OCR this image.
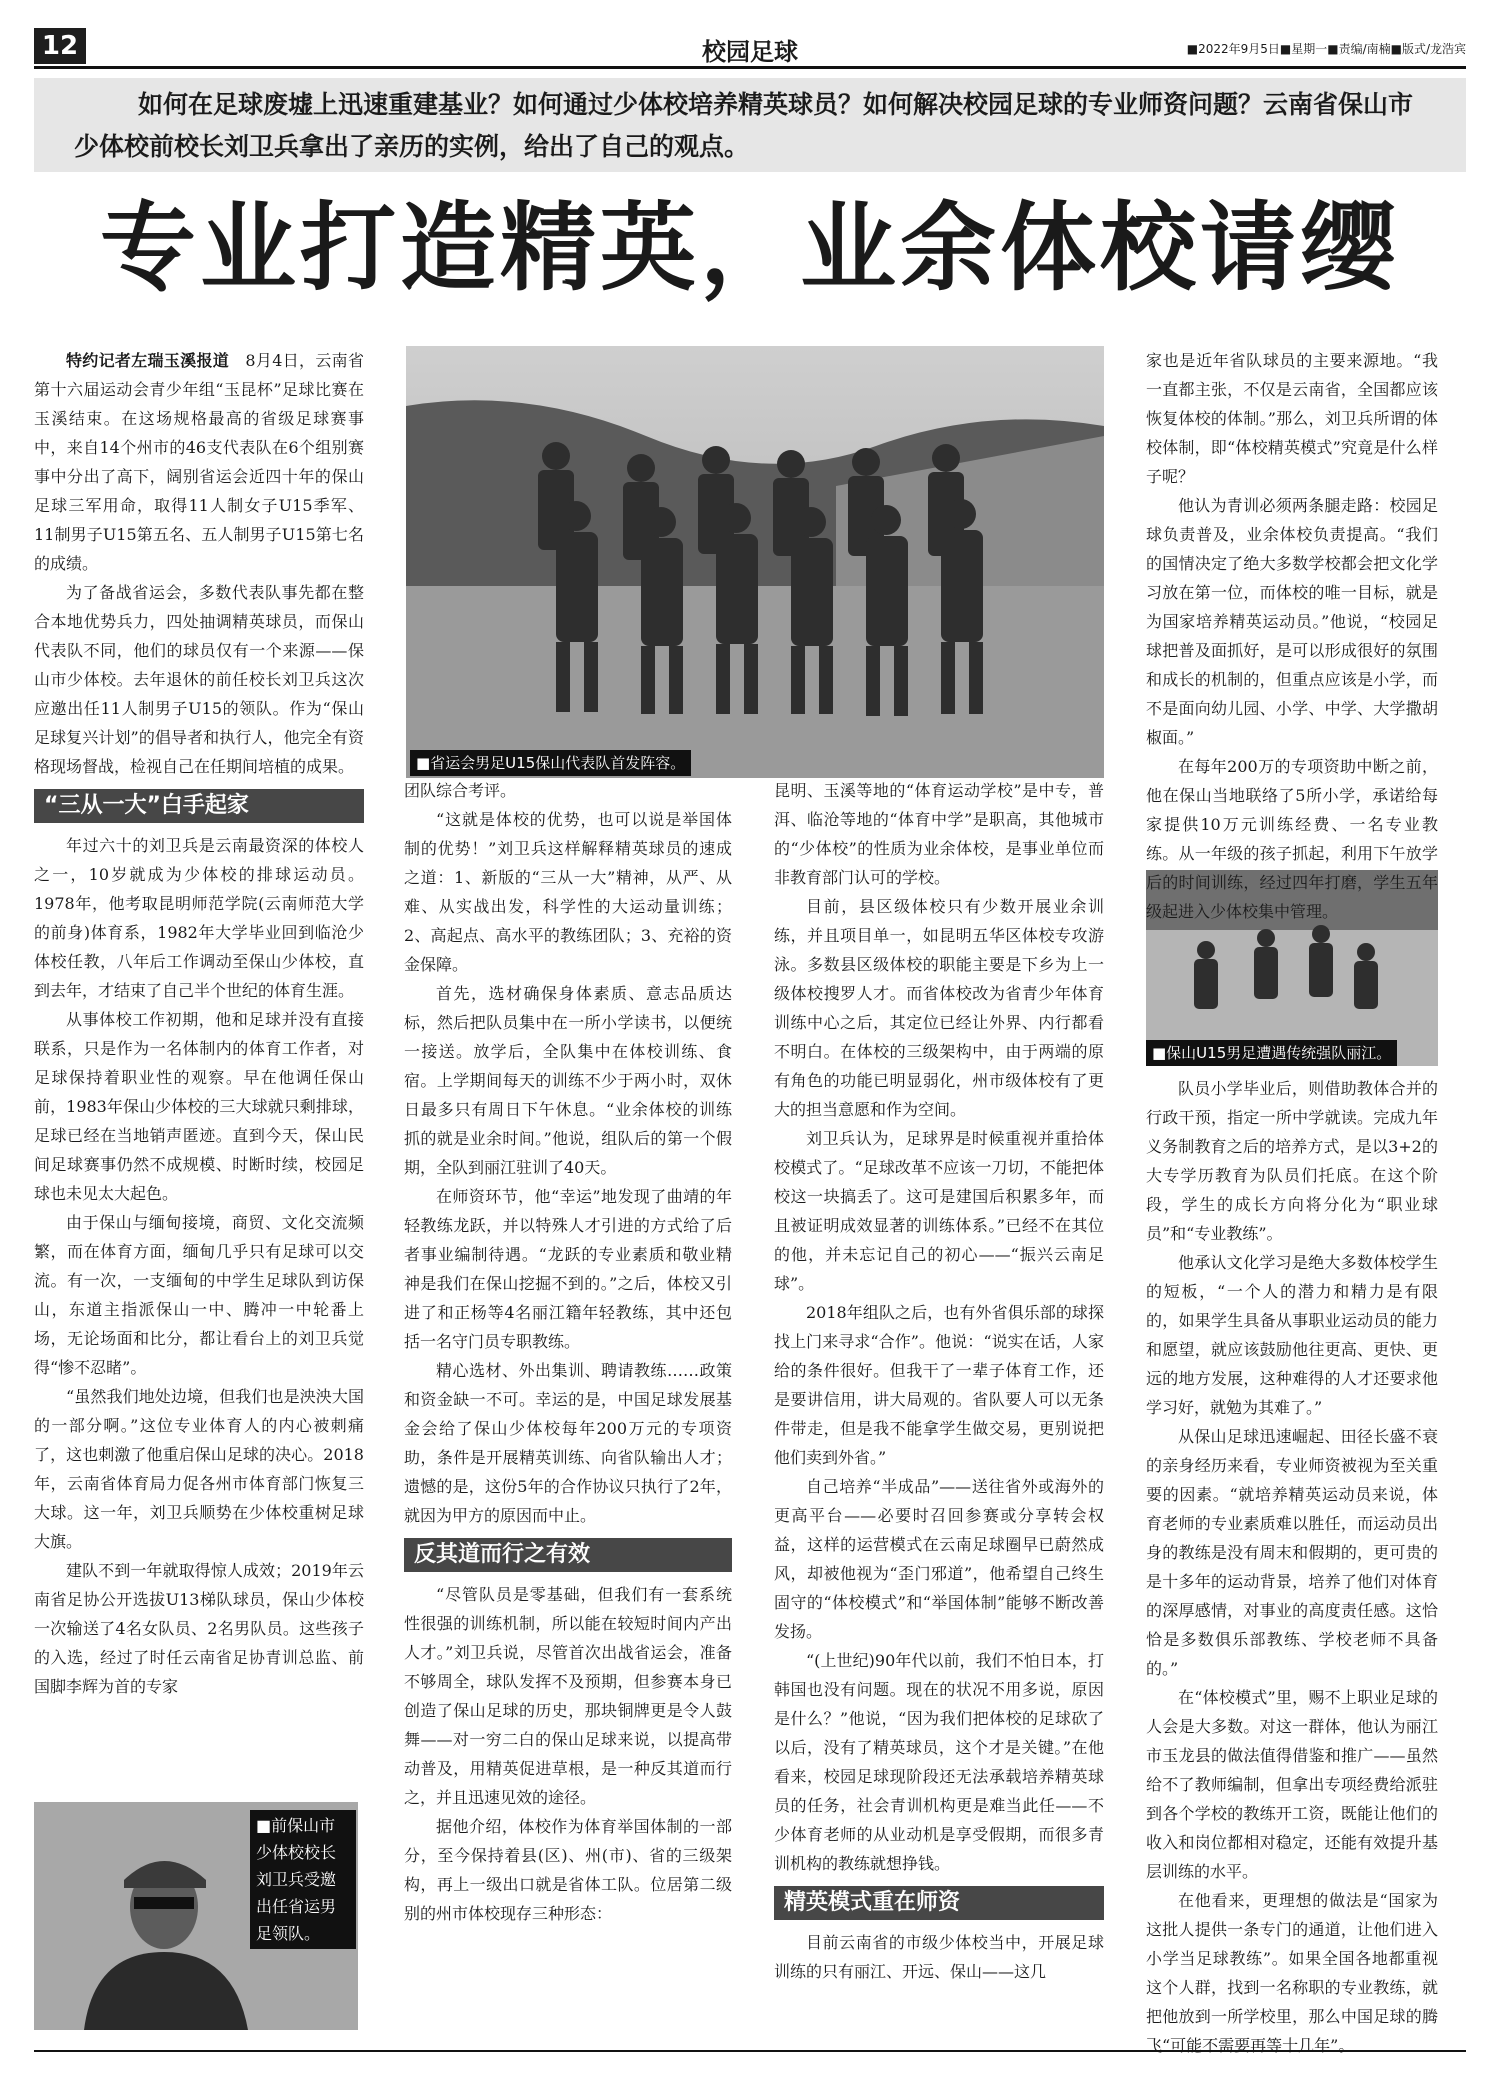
12	校园足球	■2022年9月5日■星期一■责编/南楠■版式/龙浩宾
如何在足球废墟上迅速重建基业？如何通过少体校培养精英球员？如何解决校园足球的专业师资问题？云南省保山市少体校前校长刘卫兵拿出了亲历的实例，给出了自己的观点。
专业打造精英，业余体校请缨
■省运会男足U15保山代表队首发阵容。
■保山U15男足遭遇传统强队丽江。
■前保山市少体校校长刘卫兵受邀出任省运男足领队。

特约记者左瑞玉溪报道　 8月4日，云南省第十六届运动会青少年组“玉昆杯”足球比赛在玉溪结束。在这场规格最高的省级足球赛事中，来自14个州市的46支代表队在6个组别赛事中分出了高下，阔别省运会近四十年的保山足球三军用命，取得11人制女子U15季军、11制男子U15第五名、五人制男子U15第七名的成绩。

为了备战省运会，多数代表队事先都在整合本地优势兵力，四处抽调精英球员，而保山代表队不同，他们的球员仅有一个来源——保山市少体校。去年退休的前任校长刘卫兵这次应邀出任11人制男子U15的领队。作为“保山足球复兴计划”的倡导者和执行人，他完全有资格现场督战，检视自己在任期间培植的成果。

“三从一大”白手起家

年过六十的刘卫兵是云南最资深的体校人之一，10岁就成为少体校的排球运动员。1978年，他考取昆明师范学院(云南师范大学的前身)体育系，1982年大学毕业回到临沧少体校任教，八年后工作调动至保山少体校，直到去年，才结束了自己半个世纪的体育生涯。

从事体校工作初期，他和足球并没有直接联系，只是作为一名体制内的体育工作者，对足球保持着职业性的观察。早在他调任保山前，1983年保山少体校的三大球就只剩排球，足球已经在当地销声匿迹。直到今天，保山民间足球赛事仍然不成规模、时断时续，校园足球也未见太大起色。

由于保山与缅甸接境，商贸、文化交流频繁，而在体育方面，缅甸几乎只有足球可以交流。有一次，一支缅甸的中学生足球队到访保山，东道主指派保山一中、腾冲一中轮番上场，无论场面和比分，都让看台上的刘卫兵觉得“惨不忍睹”。

“虽然我们地处边境，但我们也是泱泱大国的一部分啊。”这位专业体育人的内心被刺痛了，这也刺激了他重启保山足球的决心。2018年，云南省体育局力促各州市体育部门恢复三大球。这一年，刘卫兵顺势在少体校重树足球大旗。

建队不到一年就取得惊人成效；2019年云南省足协公开选拔U13梯队球员，保山少体校一次输送了4名女队员、2名男队员。这些孩子的入选，经过了时任云南省足协青训总监、前国脚李辉为首的专家

团队综合考评。

“这就是体校的优势，也可以说是举国体制的优势！”刘卫兵这样解释精英球员的速成之道：1、新版的“三从一大”精神，从严、从难、从实战出发，科学性的大运动量训练；2、高起点、高水平的教练团队；3、充裕的资金保障。

首先，选材确保身体素质、意志品质达标，然后把队员集中在一所小学读书，以便统一接送。放学后，全队集中在体校训练、食宿。上学期间每天的训练不少于两小时，双休日最多只有周日下午休息。“业余体校的训练抓的就是业余时间。”他说，组队后的第一个假期，全队到丽江驻训了40天。

在师资环节，他“幸运”地发现了曲靖的年轻教练龙跃，并以特殊人才引进的方式给了后者事业编制待遇。“龙跃的专业素质和敬业精神是我们在保山挖掘不到的。”之后，体校又引进了和正杨等4名丽江籍年轻教练，其中还包括一名守门员专职教练。

精心选材、外出集训、聘请教练……政策和资金缺一不可。幸运的是，中国足球发展基金会给了保山少体校每年200万元的专项资助，条件是开展精英训练、向省队输出人才；遗憾的是，这份5年的合作协议只执行了2年，就因为甲方的原因而中止。

反其道而行之有效

“尽管队员是零基础，但我们有一套系统性很强的训练机制，所以能在较短时间内产出人才。”刘卫兵说，尽管首次出战省运会，准备不够周全，球队发挥不及预期，但参赛本身已创造了保山足球的历史，那块铜牌更是令人鼓舞——对一穷二白的保山足球来说，以提高带动普及，用精英促进草根，是一种反其道而行之，并且迅速见效的途径。

据他介绍，体校作为体育举国体制的一部分，至今保持着县(区)、州(市)、省的三级架构，再上一级出口就是省体工队。位居第二级别的州市体校现存三种形态：

昆明、玉溪等地的“体育运动学校”是中专，普洱、临沧等地的“体育中学”是职高，其他城市的“少体校”的性质为业余体校，是事业单位而非教育部门认可的学校。

目前，县区级体校只有少数开展业余训练，并且项目单一，如昆明五华区体校专攻游泳。多数县区级体校的职能主要是下乡为上一级体校搜罗人才。而省体校改为省青少年体育训练中心之后，其定位已经让外界、内行都看不明白。在体校的三级架构中，由于两端的原有角色的功能已明显弱化，州市级体校有了更大的担当意愿和作为空间。

刘卫兵认为，足球界是时候重视并重拾体校模式了。“足球改革不应该一刀切，不能把体校这一块搞丢了。这可是建国后积累多年，而且被证明成效显著的训练体系。”已经不在其位的他，并未忘记自己的初心——“振兴云南足球”。

2018年组队之后，也有外省俱乐部的球探找上门来寻求“合作”。他说：“说实在话，人家给的条件很好。但我干了一辈子体育工作，还是要讲信用，讲大局观的。省队要人可以无条件带走，但是我不能拿学生做交易，更别说把他们卖到外省。”

自己培养“半成品”——送往省外或海外的更高平台——必要时召回参赛或分享转会权益，这样的运营模式在云南足球圈早已蔚然成风，却被他视为“歪门邪道”，他希望自己终生固守的“体校模式”和“举国体制”能够不断改善发扬。

“(上世纪)90年代以前，我们不怕日本，打韩国也没有问题。现在的状况不用多说，原因是什么？”他说，“因为我们把体校的足球砍了以后，没有了精英球员，这个才是关键。”在他看来，校园足球现阶段还无法承载培养精英球员的任务，社会青训机构更是难当此任——不少体育老师的从业动机是享受假期，而很多青训机构的教练就想挣钱。

精英模式重在师资

目前云南省的市级少体校当中，开展足球训练的只有丽江、开远、保山——这几

家也是近年省队球员的主要来源地。“我一直都主张，不仅是云南省，全国都应该恢复体校的体制。”那么，刘卫兵所谓的体校体制，即“体校精英模式”究竟是什么样子呢？

他认为青训必须两条腿走路：校园足球负责普及，业余体校负责提高。“我们的国情决定了绝大多数学校都会把文化学习放在第一位，而体校的唯一目标，就是为国家培养精英运动员。”他说，“校园足球把普及面抓好，是可以形成很好的氛围和成长的机制的，但重点应该是小学，而不是面向幼儿园、小学、中学、大学撒胡椒面。”

在每年200万的专项资助中断之前，他在保山当地联络了5所小学，承诺给每家提供10万元训练经费、一名专业教练。从一年级的孩子抓起，利用下午放学后的时间训练，经过四年打磨，学生五年级起进入少体校集中管理。

队员小学毕业后，则借助教体合并的行政干预，指定一所中学就读。完成九年义务制教育之后的培养方式，是以3+2的大专学历教育为队员们托底。在这个阶段，学生的成长方向将分化为“职业球员”和“专业教练”。

他承认文化学习是绝大多数体校学生的短板，“一个人的潜力和精力是有限的，如果学生具备从事职业运动员的能力和愿望，就应该鼓励他往更高、更快、更远的地方发展，这种难得的人才还要求他学习好，就勉为其难了。”

从保山足球迅速崛起、田径长盛不衰的亲身经历来看，专业师资被视为至关重要的因素。“就培养精英运动员来说，体育老师的专业素质难以胜任，而运动员出身的教练是没有周末和假期的，更可贵的是十多年的运动背景，培养了他们对体育的深厚感情，对事业的高度责任感。这恰恰是多数俱乐部教练、学校老师不具备的。”

在“体校模式”里，赐不上职业足球的人会是大多数。对这一群体，他认为丽江市玉龙县的做法值得借鉴和推广——虽然给不了教师编制，但拿出专项经费给派驻到各个学校的教练开工资，既能让他们的收入和岗位都相对稳定，还能有效提升基层训练的水平。

在他看来，更理想的做法是“国家为这批人提供一条专门的通道，让他们进入小学当足球教练”。如果全国各地都重视这个人群，找到一名称职的专业教练，就把他放到一所学校里，那么中国足球的腾飞“可能不需要再等十几年”。
